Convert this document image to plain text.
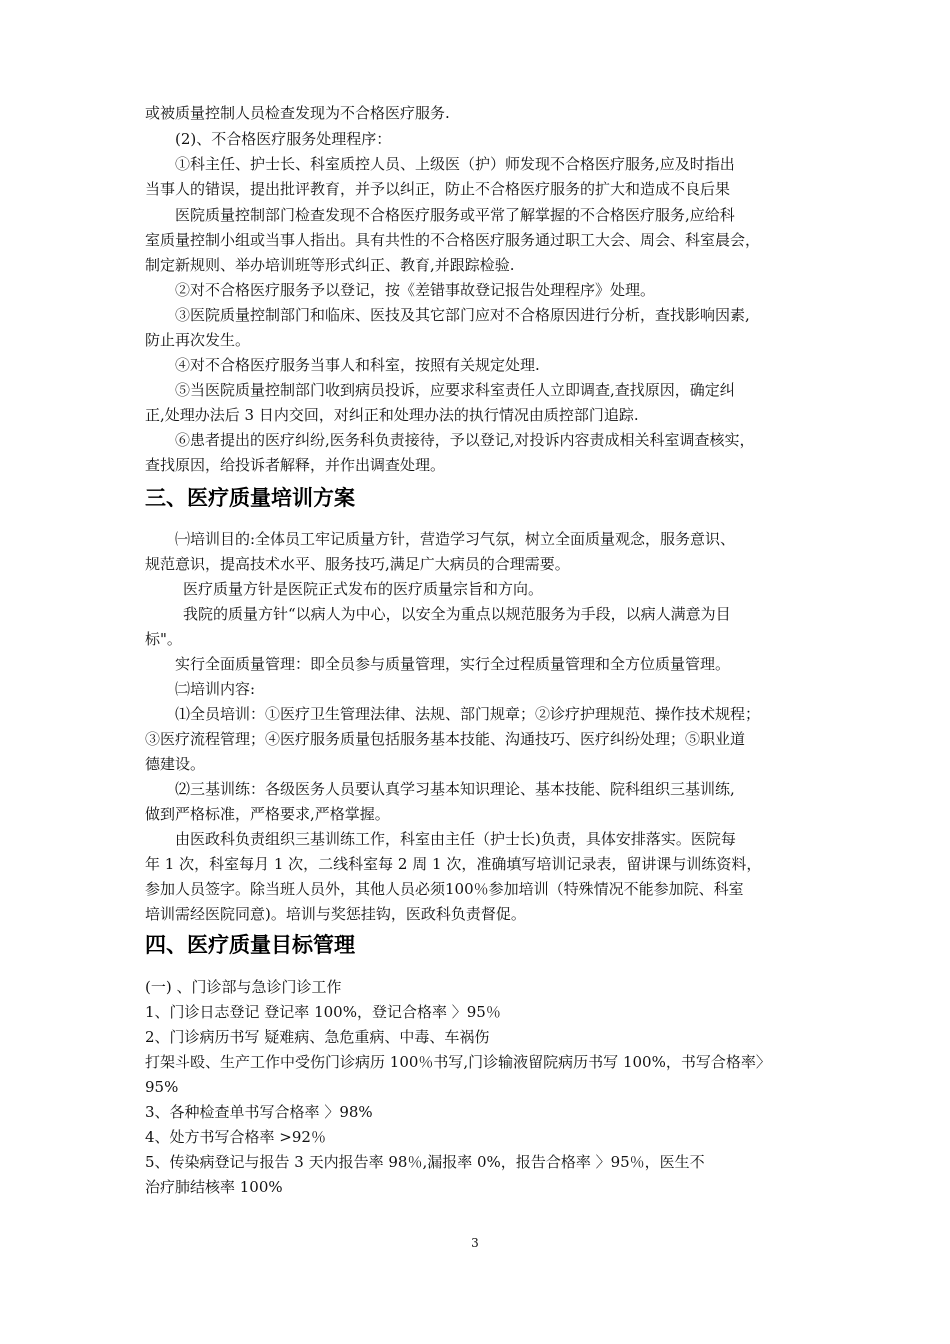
或被质量控制人员检查发现为不合格医疗服务.
(2)、不合格医疗服务处理程序：
①科主任、护士长、科室质控人员、上级医（护）师发现不合格医疗服务,应及时指出
当事人的错误，提出批评教育，并予以纠正，防止不合格医疗服务的扩大和造成不良后果
医院质量控制部门检查发现不合格医疗服务或平常了解掌握的不合格医疗服务,应给科
室质量控制小组或当事人指出。具有共性的不合格医疗服务通过职工大会、周会、科室晨会，
制定新规则、举办培训班等形式纠正、教育,并跟踪检验.
②对不合格医疗服务予以登记，按《差错事故登记报告处理程序》处理。
③医院质量控制部门和临床、医技及其它部门应对不合格原因进行分析，查找影响因素,
防止再次发生。
④对不合格医疗服务当事人和科室，按照有关规定处理.
⑤当医院质量控制部门收到病员投诉，应要求科室责任人立即调查,查找原因，确定纠
正,处理办法后 3 日内交回，对纠正和处理办法的执行情况由质控部门追踪.
⑥患者提出的医疗纠纷,医务科负责接待，予以登记,对投诉内容责成相关科室调查核实，
查找原因，给投诉者解释，并作出调查处理。
三、医疗质量培训方案
㈠培训目的:全体员工牢记质量方针，营造学习气氛，树立全面质量观念，服务意识、
规范意识，提高技术水平、服务技巧,满足广大病员的合理需要。
医疗质量方针是医院正式发布的医疗质量宗旨和方向。
我院的质量方针“以病人为中心，以安全为重点以规范服务为手段，以病人满意为目
标"。
实行全面质量管理：即全员参与质量管理，实行全过程质量管理和全方位质量管理。
㈡培训内容:
⑴全员培训：①医疗卫生管理法律、法规、部门规章；②诊疗护理规范、操作技术规程；
③医疗流程管理；④医疗服务质量包括服务基本技能、沟通技巧、医疗纠纷处理；⑤职业道
德建设。
⑵三基训练：各级医务人员要认真学习基本知识理论、基本技能、院科组织三基训练,
做到严格标准，严格要求,严格掌握。
由医政科负责组织三基训练工作，科室由主任（护士长)负责，具体安排落实。医院每
年 1 次，科室每月 1 次，二线科室每 2 周 1 次，准确填写培训记录表，留讲课与训练资料，
参加人员签字。除当班人员外，其他人员必须100％参加培训（特殊情况不能参加院、科室
培训需经医院同意)。培训与奖惩挂钩，医政科负责督促。
四、医疗质量目标管理
(一) 、门诊部与急诊门诊工作
1、门诊日志登记 登记率 100%，登记合格率 〉95％
2、门诊病历书写 疑难病、急危重病、中毒、车祸伤
打架斗殴、生产工作中受伤门诊病历 100％书写,门诊输液留院病历书写 100%，书写合格率〉
95%
3、各种检查单书写合格率 〉98%
4、处方书写合格率 >92％
5、传染病登记与报告 3 天内报告率 98％,漏报率 0%，报告合格率 〉95％，医生不
治疗肺结核率 100%
3
